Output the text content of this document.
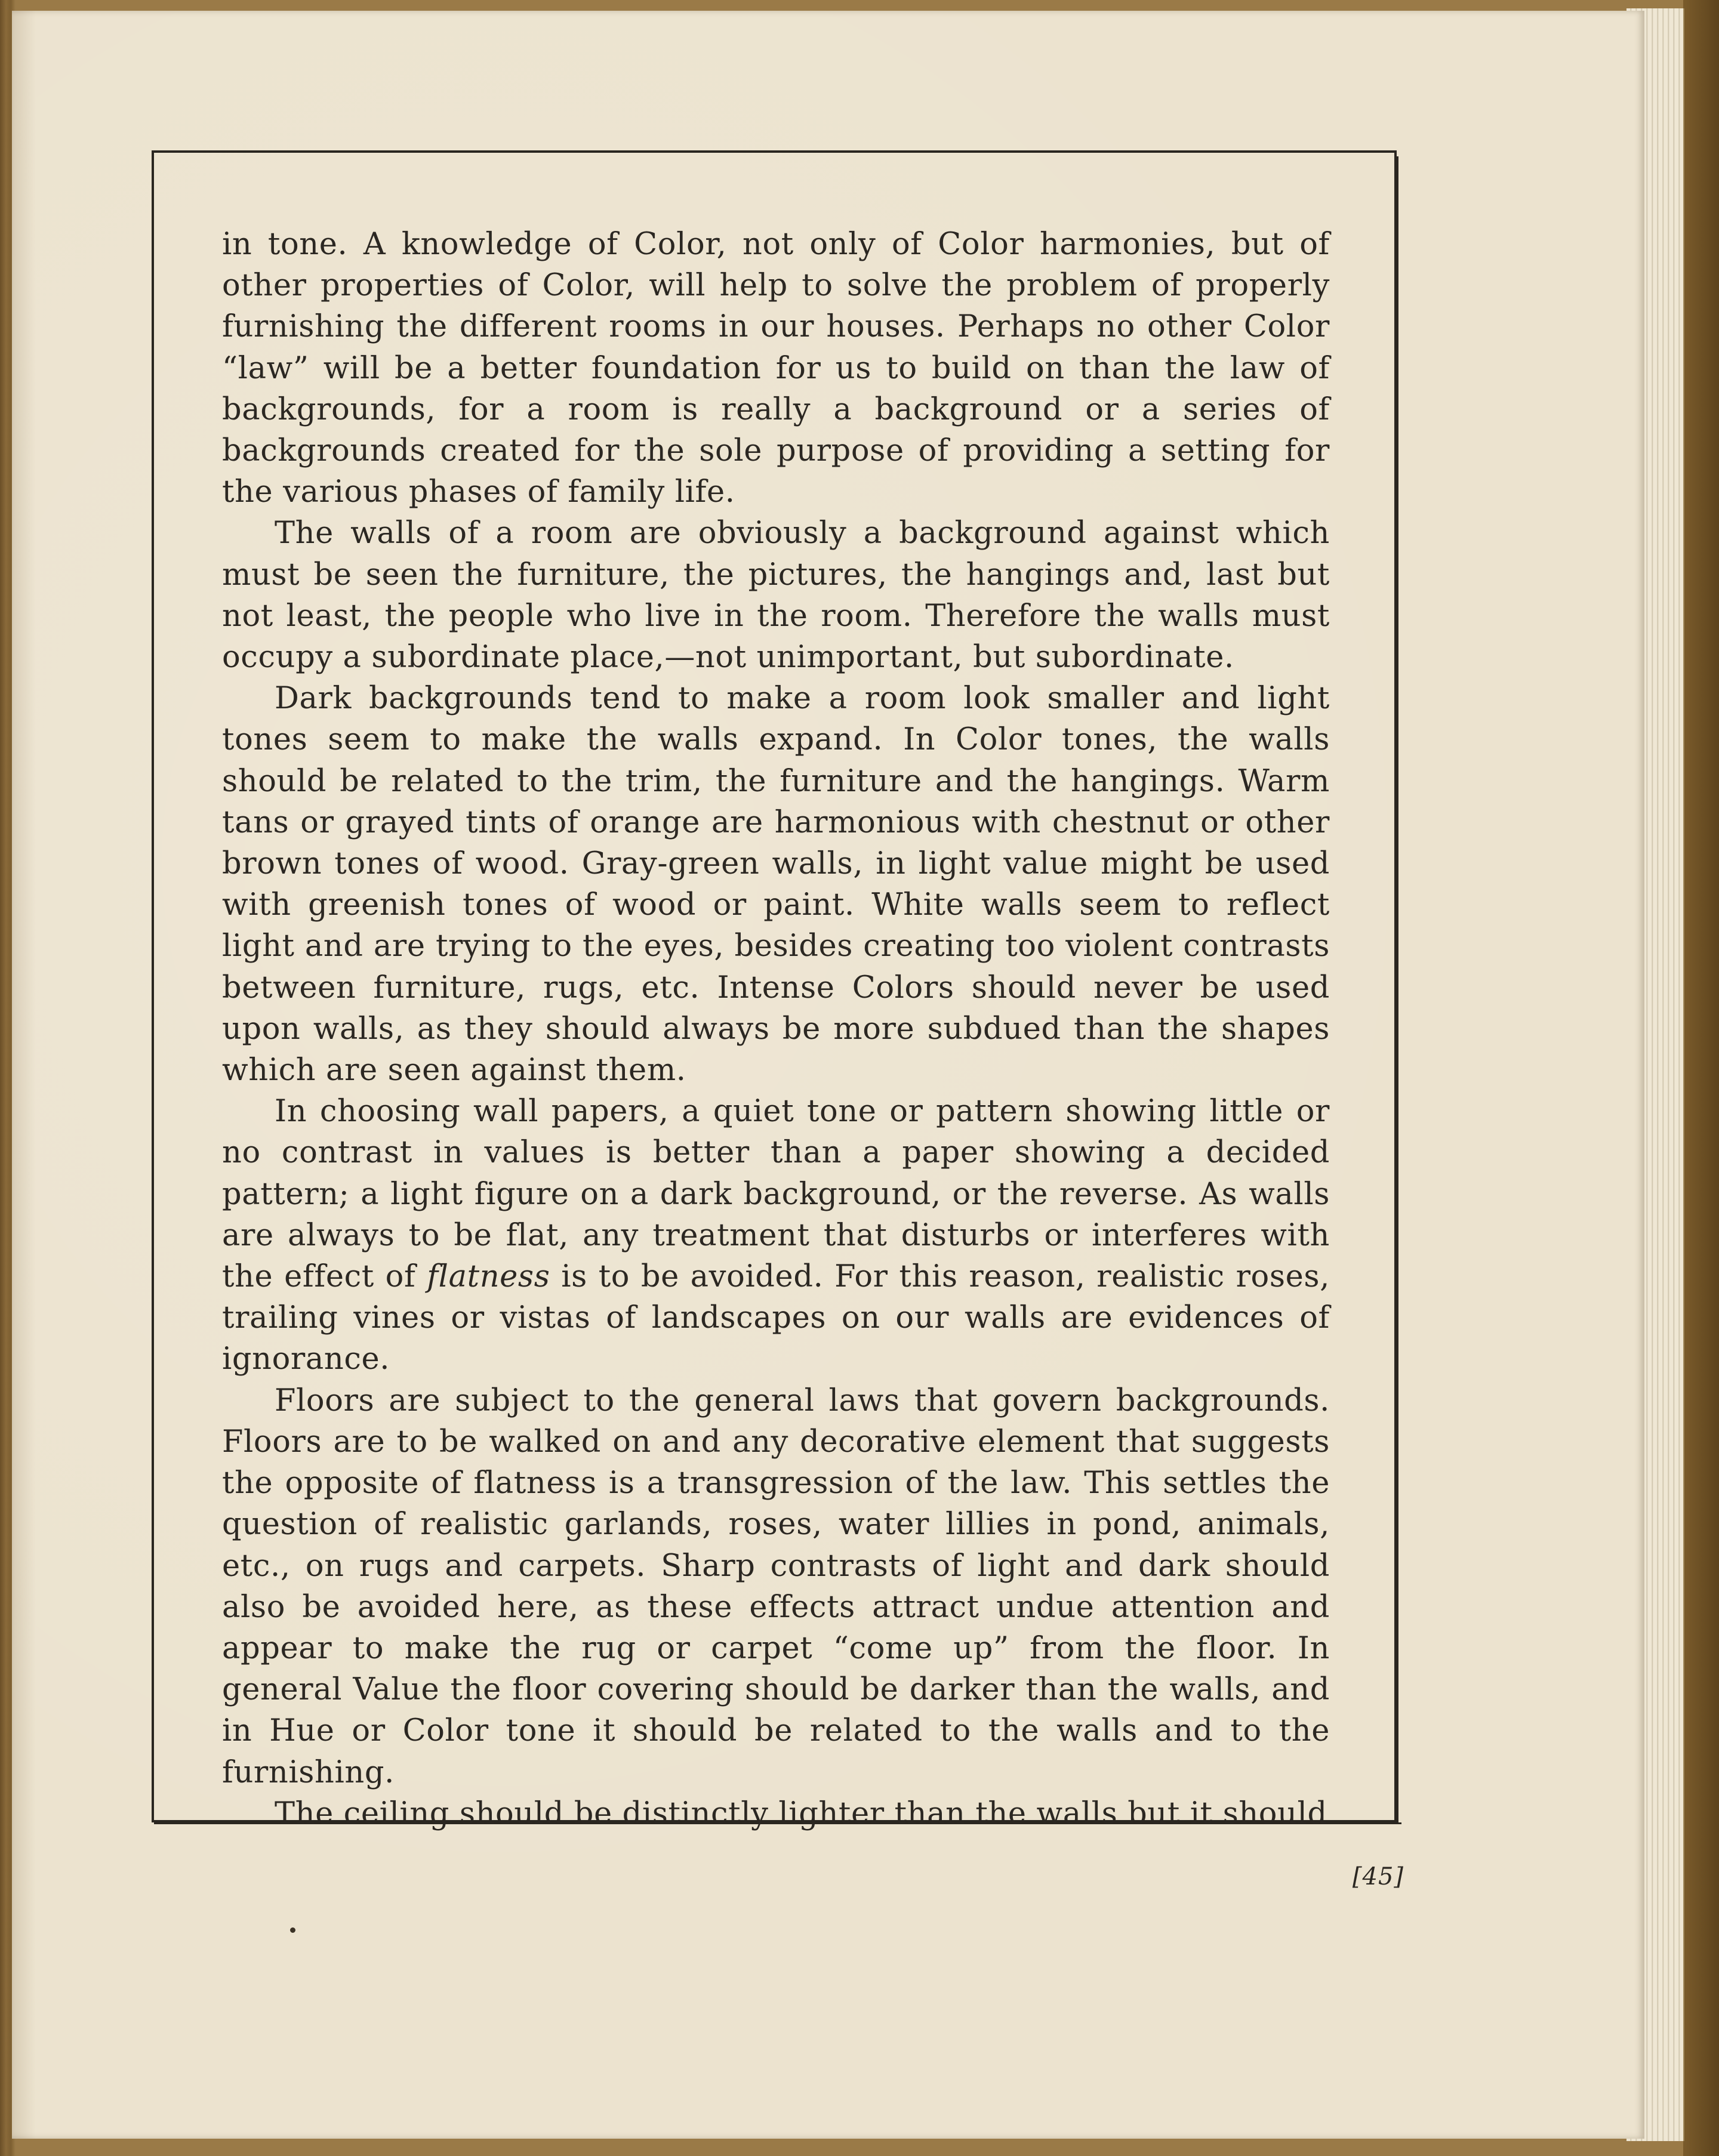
in tone. A knowledge of Color, not only of Color harmonies, but of other properties of Color, will help to solve the problem of properly furnishing the different rooms in our houses. Perhaps no other Color “law” will be a better foundation for us to build on than the law of backgrounds, for a room is really a background or a series of backgrounds created for the sole purpose of providing a setting for the various phases of family life.

The walls of a room are obviously a background against which must be seen the furniture, the pictures, the hangings and, last but not least, the people who live in the room. Therefore the walls must occupy a subordinate place,—not unimportant, but subordinate.

Dark backgrounds tend to make a room look smaller and light tones seem to make the walls expand. In Color tones, the walls should be related to the trim, the furniture and the hangings. Warm tans or grayed tints of orange are harmonious with chestnut or other brown tones of wood. Gray-green walls, in light value might be used with greenish tones of wood or paint. White walls seem to reflect light and are trying to the eyes, besides creating too violent contrasts between furniture, rugs, etc. Intense Colors should never be used upon walls, as they should always be more subdued than the shapes which are seen against them.

In choosing wall papers, a quiet tone or pattern showing little or no contrast in values is better than a paper showing a decided pattern; a light figure on a dark background, or the reverse. As walls are always to be flat, any treatment that disturbs or interferes with the effect of flatness is to be avoided. For this reason, realistic roses, trailing vines or vistas of landscapes on our walls are evidences of ignorance.

Floors are subject to the general laws that govern backgrounds. Floors are to be walked on and any decorative element that suggests the opposite of flatness is a transgression of the law. This settles the question of realistic garlands, roses, water lillies in pond, animals, etc., on rugs and carpets. Sharp contrasts of light and dark should also be avoided here, as these effects attract undue attention and appear to make the rug or carpet “come up” from the floor. In general Value the floor covering should be darker than the walls, and in Hue or Color tone it should be related to the walls and to the furnishing.

The ceiling should be distinctly lighter than the walls but it should

[45]
